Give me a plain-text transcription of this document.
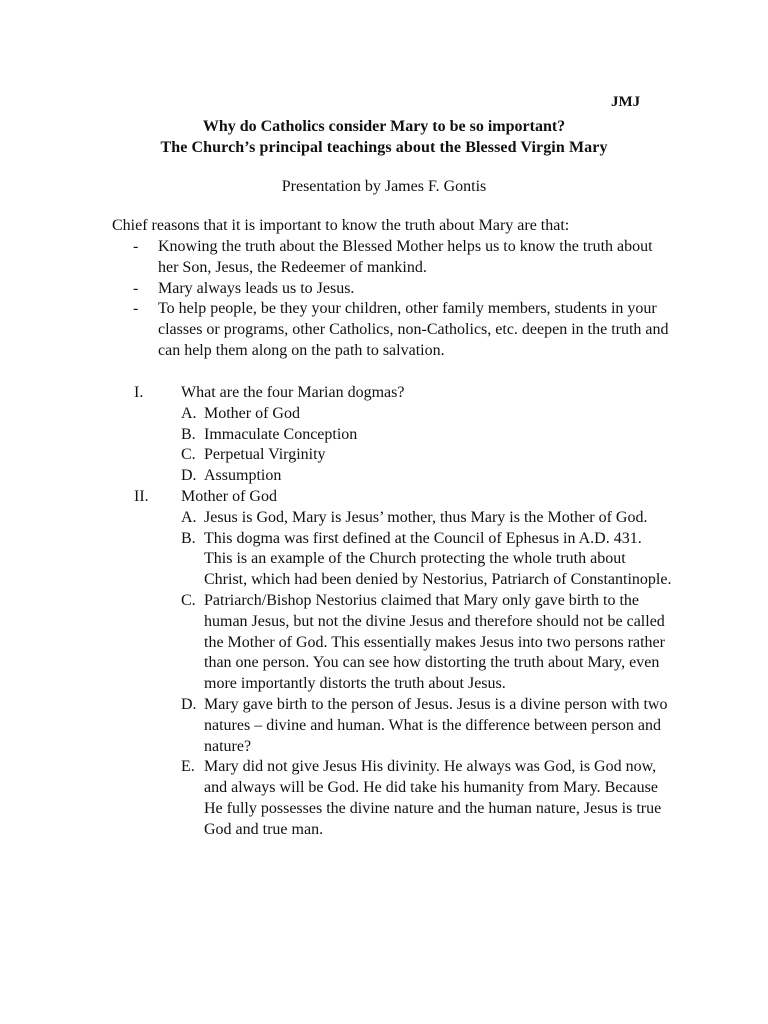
JMJ
Why do Catholics consider Mary to be so important?
The Church’s principal teachings about the Blessed Virgin Mary
Presentation by James F. Gontis
Chief reasons that it is important to know the truth about Mary are that:
- Knowing the truth about the Blessed Mother helps us to know the truth about her Son, Jesus, the Redeemer of mankind.
- Mary always leads us to Jesus.
- To help people, be they your children, other family members, students in your classes or programs, other Catholics, non-Catholics, etc. deepen in the truth and can help them along on the path to salvation.
I. What are the four Marian dogmas?
A. Mother of God
B. Immaculate Conception
C. Perpetual Virginity
D. Assumption
II. Mother of God
A. Jesus is God, Mary is Jesus’ mother, thus Mary is the Mother of God.
B. This dogma was first defined at the Council of Ephesus in A.D. 431. This is an example of the Church protecting the whole truth about Christ, which had been denied by Nestorius, Patriarch of Constantinople.
C. Patriarch/Bishop Nestorius claimed that Mary only gave birth to the human Jesus, but not the divine Jesus and therefore should not be called the Mother of God. This essentially makes Jesus into two persons rather than one person. You can see how distorting the truth about Mary, even more importantly distorts the truth about Jesus.
D. Mary gave birth to the person of Jesus. Jesus is a divine person with two natures – divine and human. What is the difference between person and nature?
E. Mary did not give Jesus His divinity. He always was God, is God now, and always will be God. He did take his humanity from Mary. Because He fully possesses the divine nature and the human nature, Jesus is true God and true man.
